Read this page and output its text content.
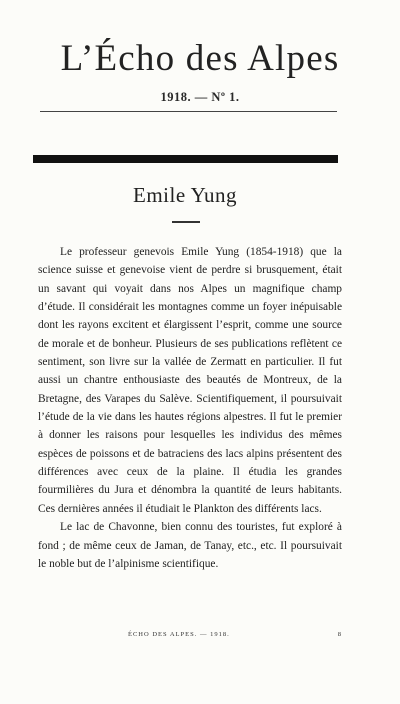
L’Écho des Alpes
1918. — Nº 1.
Emile Yung

Le professeur genevois Emile Yung (1854-1918) que la science suisse et genevoise vient de perdre si brusquement, était un savant qui voyait dans nos Alpes un magnifique champ d’étude. Il considérait les montagnes comme un foyer inépuisable dont les rayons excitent et élargissent l’esprit, comme une source de morale et de bonheur. Plusieurs de ses publications reflètent ce sentiment, son livre sur la vallée de Zermatt en particulier. Il fut aussi un chantre enthousiaste des beautés de Montreux, de la Bretagne, des Varapes du Salève. Scientifiquement, il poursuivait l’étude de la vie dans les hautes régions alpestres. Il fut le premier à donner les raisons pour lesquelles les individus des mêmes espèces de poissons et de batraciens des lacs alpins présentent des différences avec ceux de la plaine. Il étudia les grandes fourmilières du Jura et dénombra la quantité de leurs habitants. Ces dernières années il étudiait le Plankton des différents lacs.

Le lac de Chavonne, bien connu des touristes, fut exploré à fond ; de même ceux de Jaman, de Tanay, etc., etc. Il poursuivait le noble but de l’alpinisme scientifique.

ÉCHO DES ALPES. — 1918.	8
